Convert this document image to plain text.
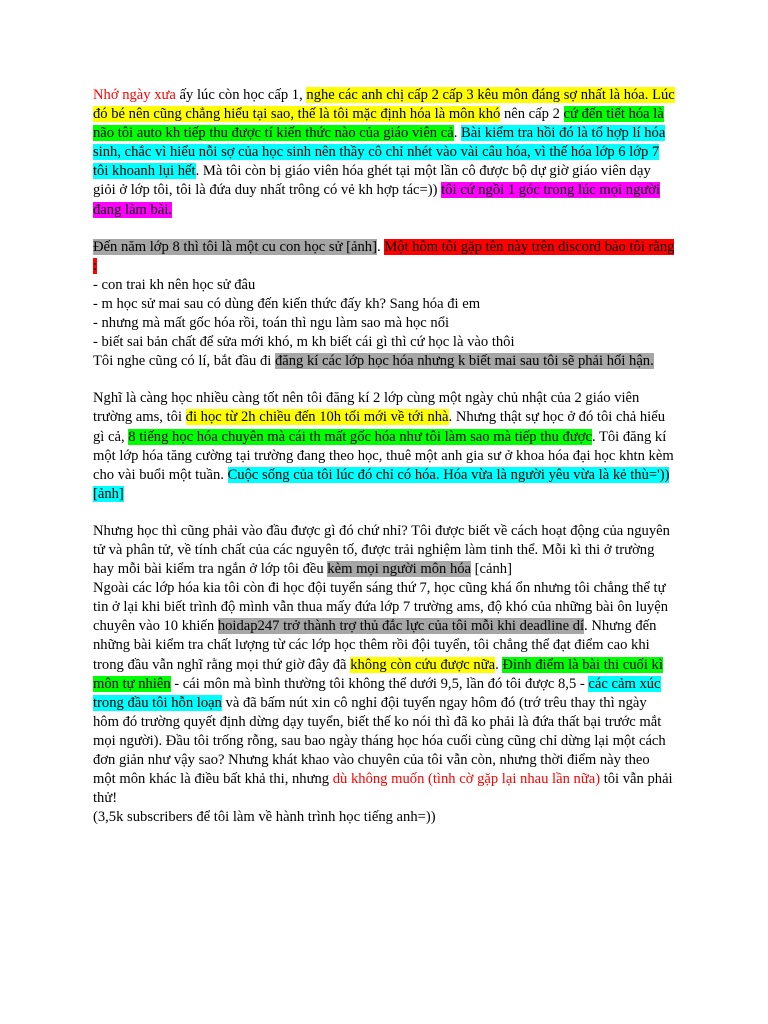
Nhớ ngày xưa ấy lúc còn học cấp 1, nghe các anh chị cấp 2 cấp 3 kêu môn đáng sợ nhất là hóa. Lúc đó bé nên cũng chẳng hiểu tại sao, thế là tôi mặc định hóa là môn khó nên cấp 2 cứ đến tiết hóa là não tôi auto kh tiếp thu được tí kiến thức nào của giáo viên cả. Bài kiểm tra hồi đó là tổ hợp lí hóa sinh, chắc vì hiểu nỗi sợ của học sinh nên thầy cô chỉ nhét vào vài câu hóa, vì thế hóa lớp 6 lớp 7 tôi khoanh lụi hết. Mà tôi còn bị giáo viên hóa ghét tại một lần cô được bộ dự giờ giáo viên dạy giỏi ở lớp tôi, tôi là đứa duy nhất trông có vẻ kh hợp tác=)) tôi cứ ngồi 1 góc trong lúc mọi người đang làm bài.

Đến năm lớp 8 thì tôi là một cu con học sử [ảnh]. Một hôm tôi gặp tên này trên discord bảo tôi rằng :
- con trai kh nên học sử đâu
- m học sử mai sau có dùng đến kiến thức đấy kh? Sang hóa đi em
- nhưng mà mất gốc hóa rồi, toán thì ngu làm sao mà học nổi
- biết sai bản chất để sửa mới khó, m kh biết cái gì thì cứ học là vào thôi
Tôi nghe cũng có lí, bắt đầu đi đăng kí các lớp học hóa nhưng k biết mai sau tôi sẽ phải hối hận.

Nghĩ là càng học nhiều càng tốt nên tôi đăng kí 2 lớp cùng một ngày chủ nhật của 2 giáo viên trường ams, tôi đi học từ 2h chiều đến 10h tối mới về tới nhà. Nhưng thật sự học ở đó tôi chả hiểu gì cả, 8 tiếng học hóa chuyên mà cái th mất gốc hóa như tôi làm sao mà tiếp thu được. Tôi đăng kí một lớp hóa tăng cường tại trường đang theo học, thuê một anh gia sư ở khoa hóa đại học khtn kèm cho vài buổi một tuần. Cuộc sống của tôi lúc đó chỉ có hóa. Hóa vừa là người yêu vừa là kẻ thù=')) [ảnh]

Nhưng học thì cũng phải vào đầu được gì đó chứ nhỉ? Tôi được biết về cách hoạt động của nguyên tử và phân tử, về tính chất của các nguyên tố, được trải nghiệm làm tinh thể. Mỗi kì thi ở trường hay mỗi bài kiểm tra ngắn ở lớp tôi đều kèm mọi người môn hóa [cảnh]
Ngoài các lớp hóa kia tôi còn đi học đội tuyển sáng thứ 7, học cũng khá ổn nhưng tôi chẳng thể tự tin ở lại khi biết trình độ mình vẫn thua mấy đứa lớp 7 trường ams, độ khó của những bài ôn luyện chuyên vào 10 khiến hoidap247 trở thành trợ thủ đắc lực của tôi mỗi khi deadline dí. Nhưng đến những bài kiểm tra chất lượng từ các lớp học thêm rồi đội tuyển, tôi chẳng thể đạt điểm cao khi trong đầu vẫn nghĩ rằng mọi thứ giờ đây đã không còn cứu được nữa. Đỉnh điểm là bài thi cuối kì môn tự nhiên - cái môn mà bình thường tôi không thể dưới 9,5, lần đó tôi được 8,5 - các cảm xúc trong đầu tôi hỗn loạn và đã bấm nút xin cô nghỉ đội tuyển ngay hôm đó (trớ trêu thay thì ngày hôm đó trường quyết định dừng dạy tuyển, biết thế ko nói thì đã ko phải là đứa thất bại trước mắt mọi người). Đầu tôi trống rỗng, sau bao ngày tháng học hóa cuối cùng cũng chỉ dừng lại một cách đơn giản như vậy sao? Nhưng khát khao vào chuyên của tôi vẫn còn, nhưng thời điểm này theo một môn khác là điều bất khả thi, nhưng dù không muốn (tình cờ gặp lại nhau lần nữa) tôi vẫn phải thử!
(3,5k subscribers để tôi làm về hành trình học tiếng anh=))
